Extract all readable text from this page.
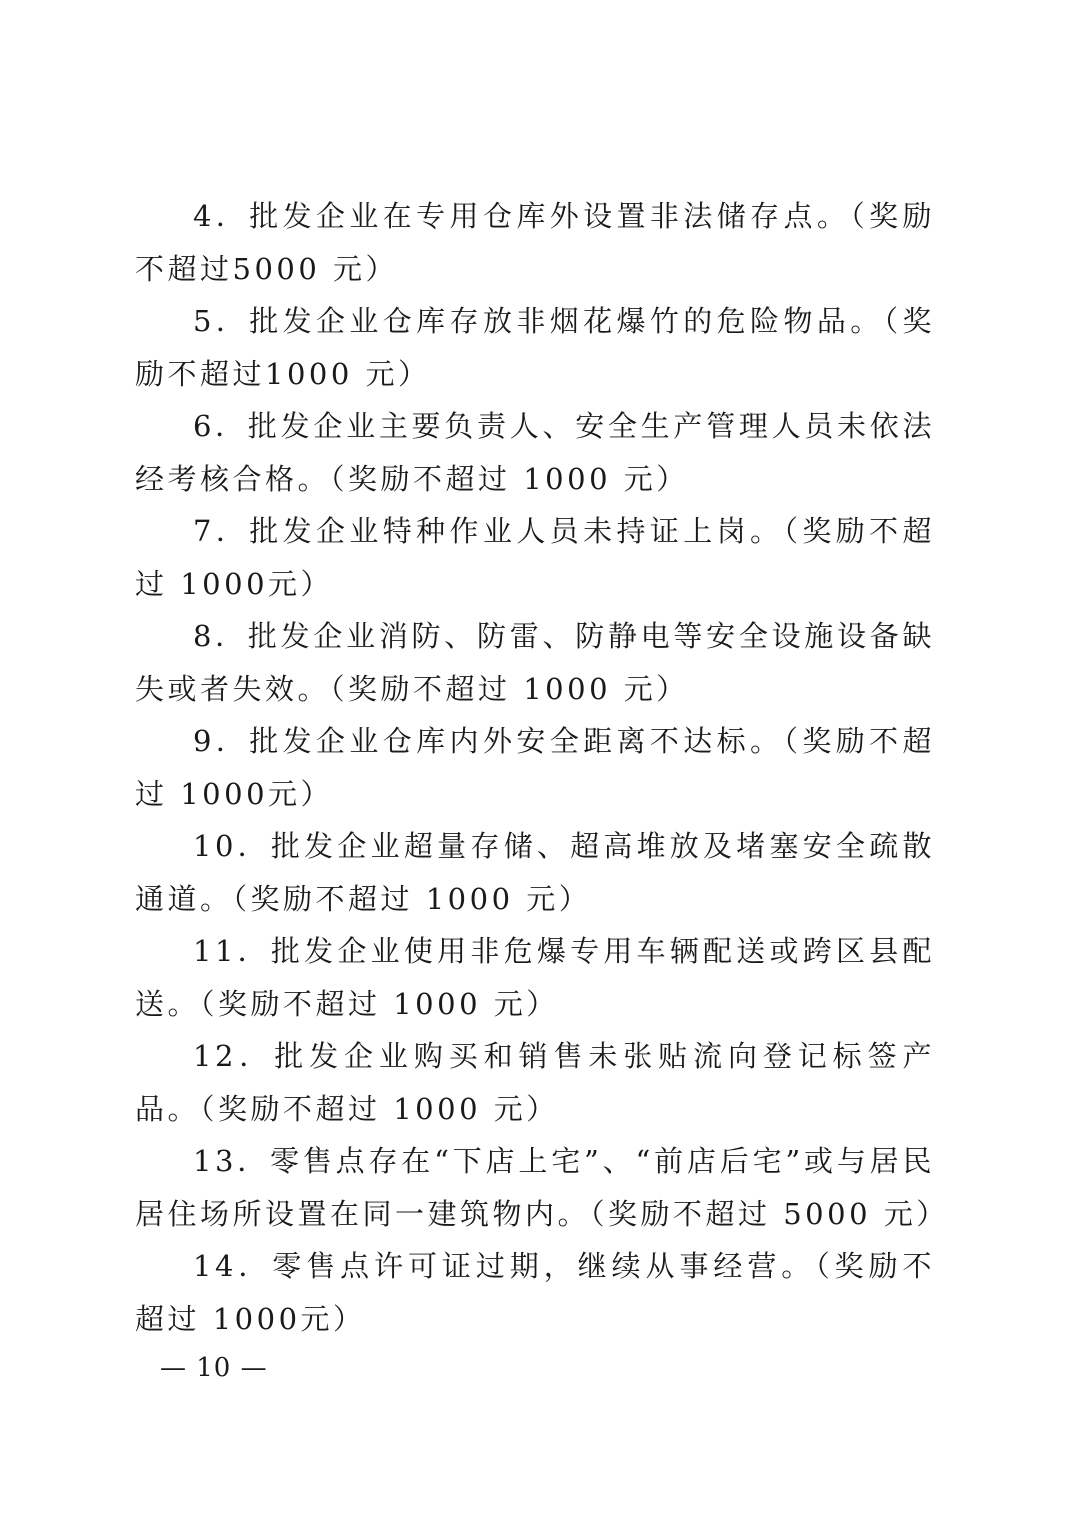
4．批发企业在专用仓库外设置非法储存点。（奖励不超过5000 元）

5．批发企业仓库存放非烟花爆竹的危险物品。（奖励不超过1000 元）

6．批发企业主要负责人、安全生产管理人员未依法经考核合格。（奖励不超过 1000 元）

7．批发企业特种作业人员未持证上岗。（奖励不超过 1000元）

8．批发企业消防、防雷、防静电等安全设施设备缺失或者失效。（奖励不超过 1000 元）

9．批发企业仓库内外安全距离不达标。（奖励不超过 1000元）

10．批发企业超量存储、超高堆放及堵塞安全疏散通道。（奖励不超过 1000 元）

11．批发企业使用非危爆专用车辆配送或跨区县配送。（奖励不超过 1000 元）

12．批发企业购买和销售未张贴流向登记标签产品。（奖励不超过 1000 元）

13．零售点存在“下店上宅”、“前店后宅”或与居民居住场所设置在同一建筑物内。（奖励不超过 5000 元）

14．零售点许可证过期，继续从事经营。（奖励不超过 1000元）

— 10 —
